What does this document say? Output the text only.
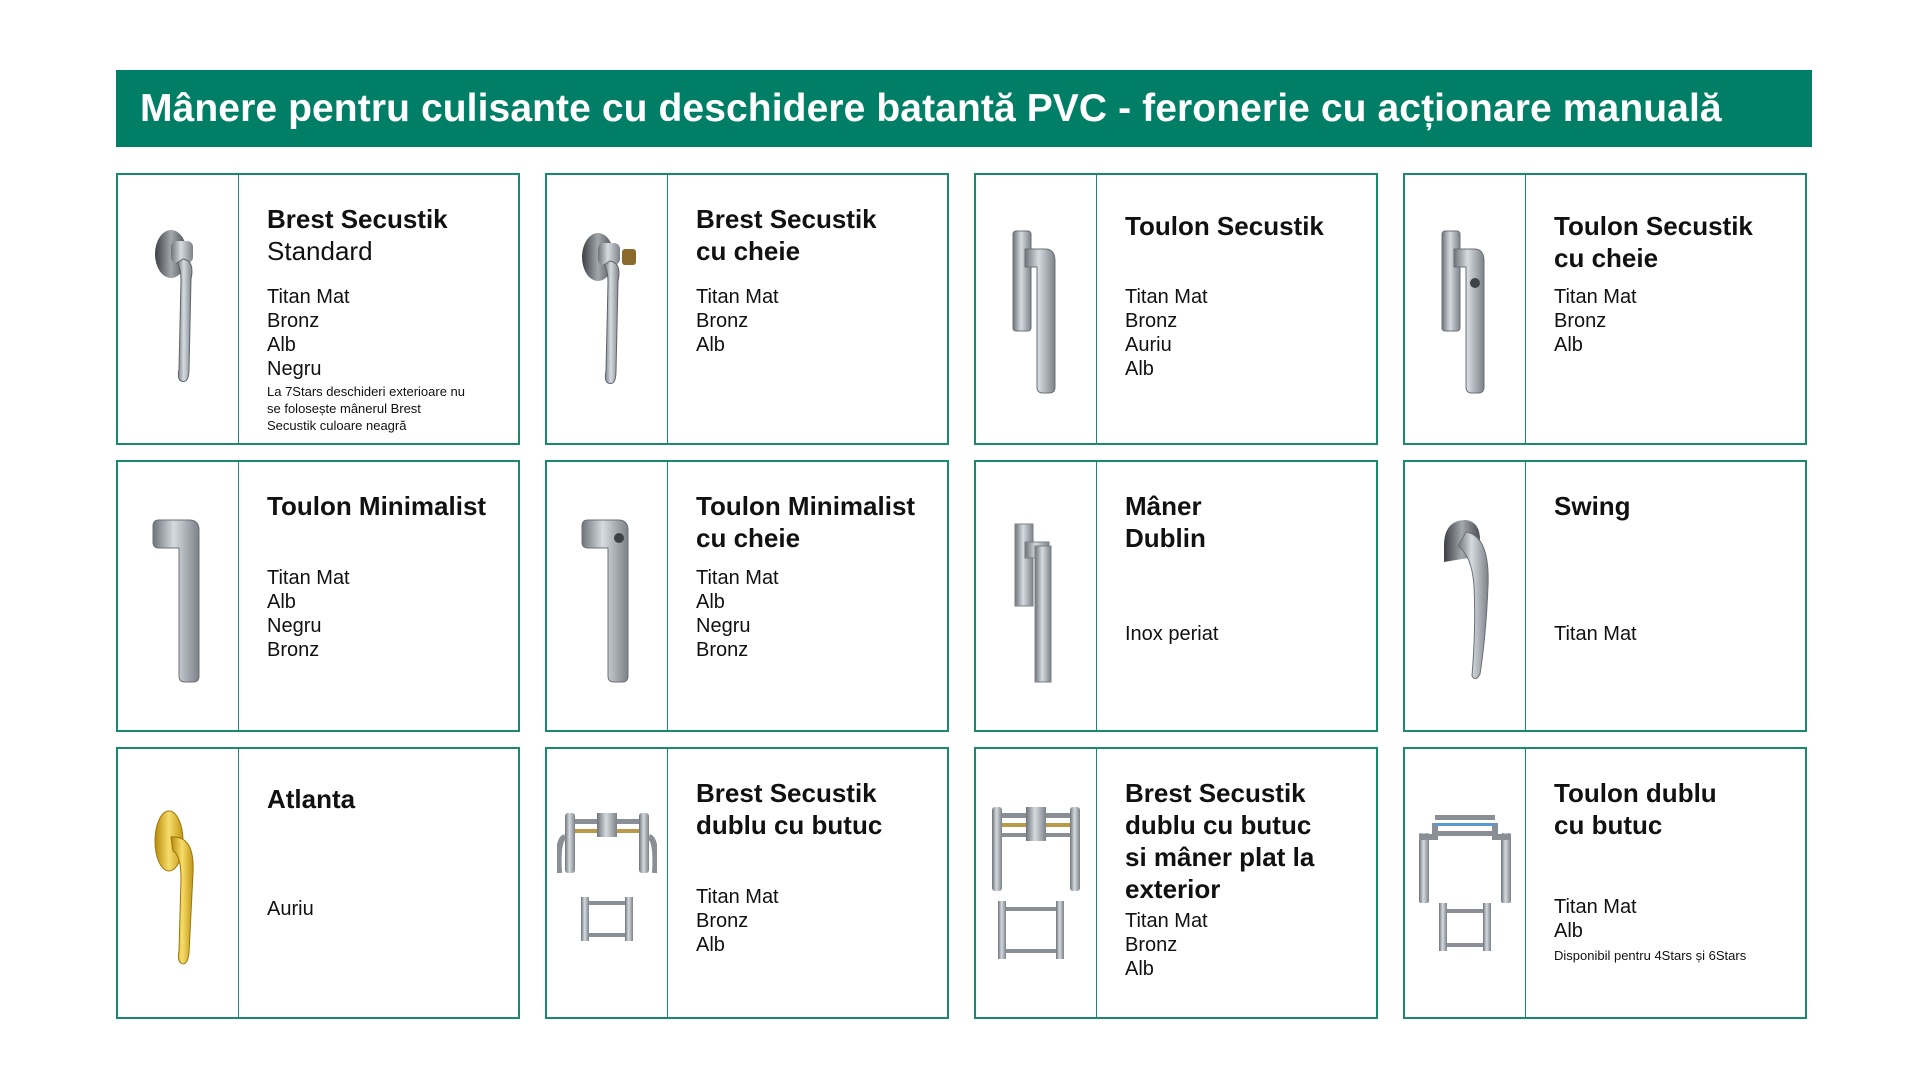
Mânere pentru culisante cu deschidere batantă PVC - feronerie cu acționare manuală
Brest Secustik
Standard
Titan Mat
Bronz
Alb
Negru
La 7Stars deschideri exterioare nu se folosește mânerul Brest Secustik culoare neagră
Brest Secustik
cu cheie
Titan Mat
Bronz
Alb
Toulon Secustik
Titan Mat
Bronz
Auriu
Alb
Toulon Secustik
cu cheie
Titan Mat
Bronz
Alb
Toulon Minimalist
Titan Mat
Alb
Negru
Bronz
Toulon Minimalist
cu cheie
Titan Mat
Alb
Negru
Bronz
Mâner
Dublin
Inox periat
Swing
Titan Mat
Atlanta
Auriu
Brest Secustik
dublu cu butuc
Titan Mat
Bronz
Alb
Brest Secustik
dublu cu butuc
si mâner plat la
exterior
Titan Mat
Bronz
Alb
Toulon dublu
cu butuc
Titan Mat
Alb
Disponibil pentru 4Stars și 6Stars
